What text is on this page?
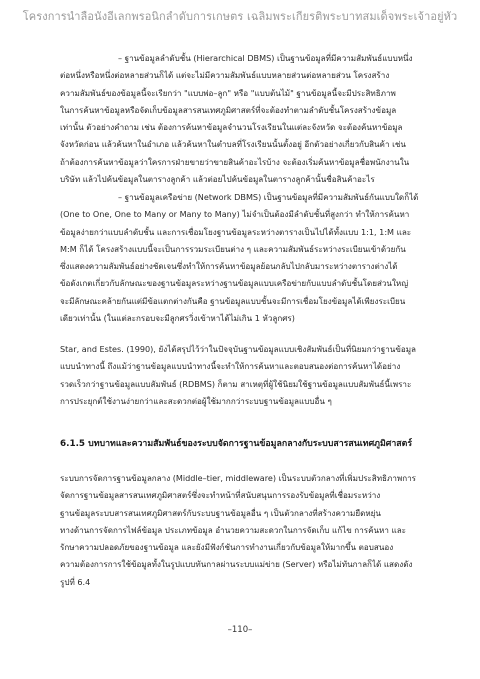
โครงการนำลือนังอีเลกพรอนิกลำดับการเกษตร เฉลิมพระเกียรติพระบาทสมเด็จพระเจ้าอยู่หัว
– ฐานข้อมูลลำดับชั้น (Hierarchical DBMS) เป็นฐานข้อมูลที่มีความสัมพันธ์แบบหนึ่ง
ต่อหนึ่งหรือหนึ่งต่อหลายส่วนก็ได้ แต่จะไม่มีความสัมพันธ์แบบหลายส่วนต่อหลายส่วน โครงสร้าง
ความสัมพันธ์ของข้อมูลนี้จะเรียกว่า "แบบพ่อ–ลูก" หรือ "แบบต้นไม้" ฐานข้อมูลนี้จะมีประสิทธิภาพ
ในการค้นหาข้อมูลหรือจัดเก็บข้อมูลสารสนเทศภูมิศาสตร์ที่จะต้องทำตามลำดับชั้นโครงสร้างข้อมูล
เท่านั้น ตัวอย่างคำถาม เช่น ต้องการค้นหาข้อมูลจำนวนโรงเรียนในแต่ละจังหวัด จะต้องค้นหาข้อมูล
จังหวัดก่อน แล้วค้นหาในอำเภอ แล้วค้นหาในตำบลที่โรงเรียนนั้นตั้งอยู่ อีกตัวอย่างเกี่ยวกับสินค้า เช่น
ถ้าต้องการค้นหาข้อมูลว่าใครการฝ่ายขายว่าขายสินค้าอะไรบ้าง จะต้องเริ่มค้นหาข้อมูลชื่อพนักงานใน
บริษัท แล้วไปค้นข้อมูลในตารางลูกค้า แล้วต่อยไปค้นข้อมูลในตารางลูกค้านั้นชื่อสินค้าอะไร
– ฐานข้อมูลเครือข่าย (Network DBMS) เป็นฐานข้อมูลที่มีความสัมพันธ์กันแบบใดก็ได้
(One to One, One to Many or Many to Many) ไม่จำเป็นต้องมีลำดับชั้นที่สูงกว่า ทำให้การค้นหา
ข้อมูลง่ายกว่าแบบลำดับชั้น และการเชื่อมโยงฐานข้อมูลระหว่างตารางเป็นไปได้ทั้งแบบ 1:1, 1:M และ
M:M ก็ได้ โครงสร้างแบบนี้จะเป็นการรวมระเบียนต่าง ๆ และความสัมพันธ์ระหว่างระเบียนเข้าด้วยกัน
ซึ่งแสดงความสัมพันธ์อย่างชัดเจนซึ่งทำให้การค้นหาข้อมูลย้อนกลับไปกลับมาระหว่างตารางต่างได้
ข้อดังเกตเกี่ยวกับลักษณะของฐานข้อมูลระหว่างฐานข้อมูลแบบเครือข่ายกับแบบลำดับชั้นโดยส่วนใหญ่
จะมีลักษณะคล้ายกันแต่มีข้อแตกต่างกันคือ ฐานข้อมูลแบบชั้นจะมีการเชื่อมโยงข้อมูลได้เพียงระเบียน
เดียวเท่านั้น (ในแต่ละกรอบจะมีลูกศรวิ่งเข้าหาได้ไม่เกิน 1 หัวลูกศร)
Star, and Estes. (1990), ยังได้สรุปไว้ว่าในปัจจุบันฐานข้อมูลแบบเชิงสัมพันธ์เป็นที่นิยมกว่าฐานข้อมูล
แบบนำทางนี้ ถึงแม้ว่าฐานข้อมูลแบบนำทางนี้จะทำให้การค้นหาและตอบสนองต่อการค้นหาได้อย่าง
รวดเร็วกว่าฐานข้อมูลแบบสัมพันธ์ (RDBMS) ก็ตาม สาเหตุที่ผู้ใช้นิยมใช้ฐานข้อมูลแบบสัมพันธ์นี้เพราะ
การประยุกต์ใช้งานง่ายกว่าและสะดวกต่อผู้ใช้มากกว่าระบบฐานข้อมูลแบบอื่น ๆ
6.1.5 บทบาทและความสัมพันธ์ของระบบจัดการฐานข้อมูลกลางกับระบบสารสนเทศภูมิศาสตร์
ระบบการจัดการฐานข้อมูลกลาง (Middle–tier, middleware) เป็นระบบตัวกลางที่เพิ่มประสิทธิภาพการ
จัดการฐานข้อมูลสารสนเทศภูมิศาสตร์ซึ่งจะทำหน้าที่สนับสนุนการรองรับข้อมูลที่เชื่อมระหว่าง
ฐานข้อมูลระบบสารสนเทศภูมิศาสตร์กับระบบฐานข้อมูลอื่น ๆ เป็นตัวกลางที่สร้างความยืดหยุ่น
ทางด้านการจัดการไฟล์ข้อมูล ประเภทข้อมูล อำนวยความสะดวกในการจัดเก็บ แก้ไข การค้นหา และ
รักษาความปลอดภัยของฐานข้อมูล และยังมีฟังก์ชันการทำงานเกี่ยวกับข้อมูลให้มากขึ้น ตอบสนอง
ความต้องการการใช้ข้อมูลทั้งในรูปแบบทันกาลผ่านระบบแม่ข่าย (Server) หรือไม่ทันกาลก็ได้ แสดงดัง
รูปที่ 6.4
–110–
